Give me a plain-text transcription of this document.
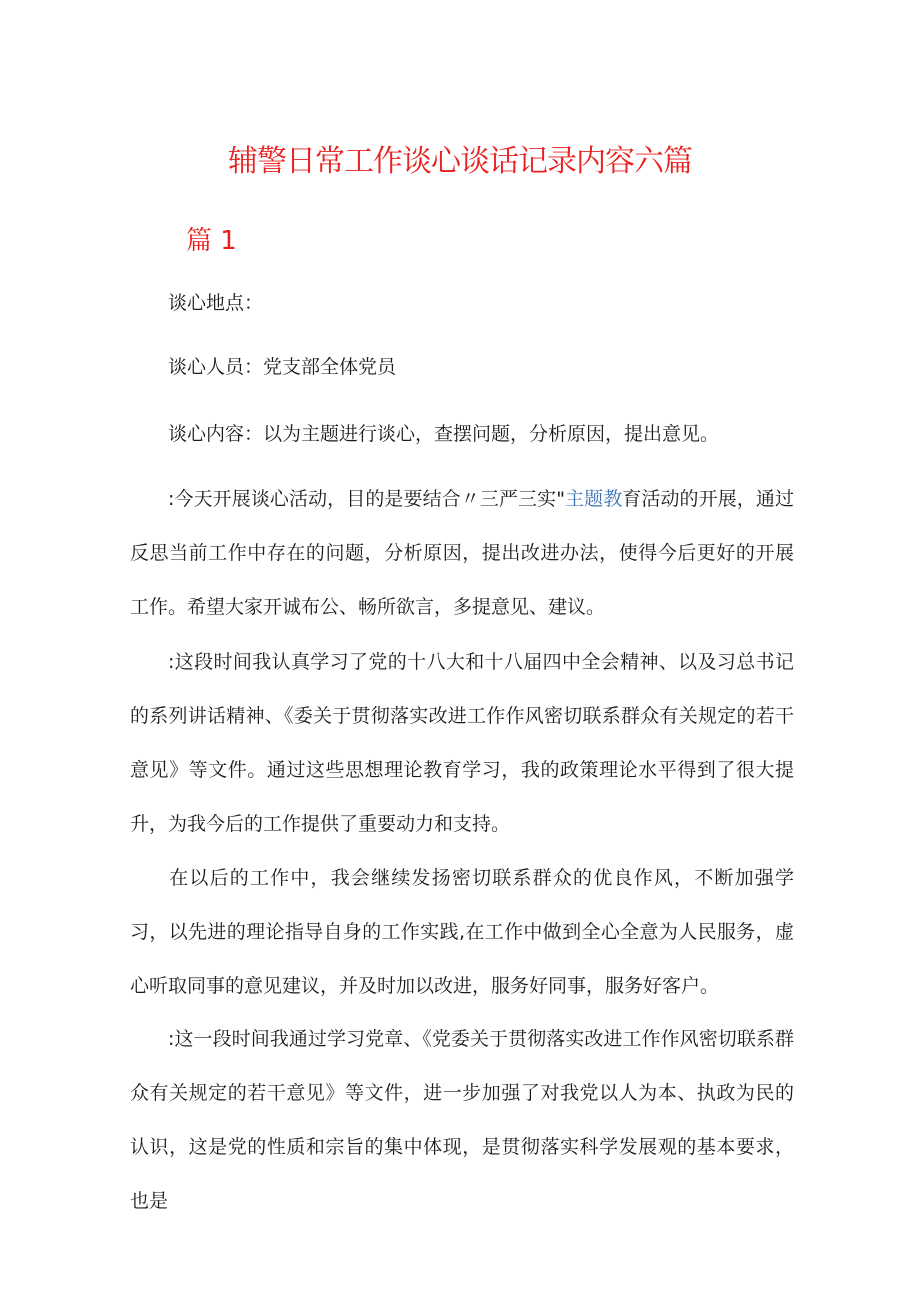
辅警日常工作谈心谈话记录内容六篇
篇 1
谈心地点：
谈心人员：党支部全体党员
谈心内容：以为主题进行谈心，查摆问题，分析原因，提出意见。
:今天开展谈心活动，目的是要结合〃三严三实"主题教育活动的开展，通过反思当前工作中存在的问题，分析原因，提出改进办法，使得今后更好的开展工作。希望大家开诚布公、畅所欲言，多提意见、建议。
:这段时间我认真学习了党的十八大和十八届四中全会精神、以及习总书记的系列讲话精神、《委关于贯彻落实改进工作作风密切联系群众有关规定的若干意见》等文件。通过这些思想理论教育学习，我的政策理论水平得到了很大提升，为我今后的工作提供了重要动力和支持。
在以后的工作中，我会继续发扬密切联系群众的优良作风，不断加强学习，以先进的理论指导自身的工作实践,在工作中做到全心全意为人民服务，虚心听取同事的意见建议，并及时加以改进，服务好同事，服务好客户。
:这一段时间我通过学习党章、《党委关于贯彻落实改进工作作风密切联系群众有关规定的若干意见》等文件，进一步加强了对我党以人为本、执政为民的认识，这是党的性质和宗旨的集中体现，是贯彻落实科学发展观的基本要求，也是
